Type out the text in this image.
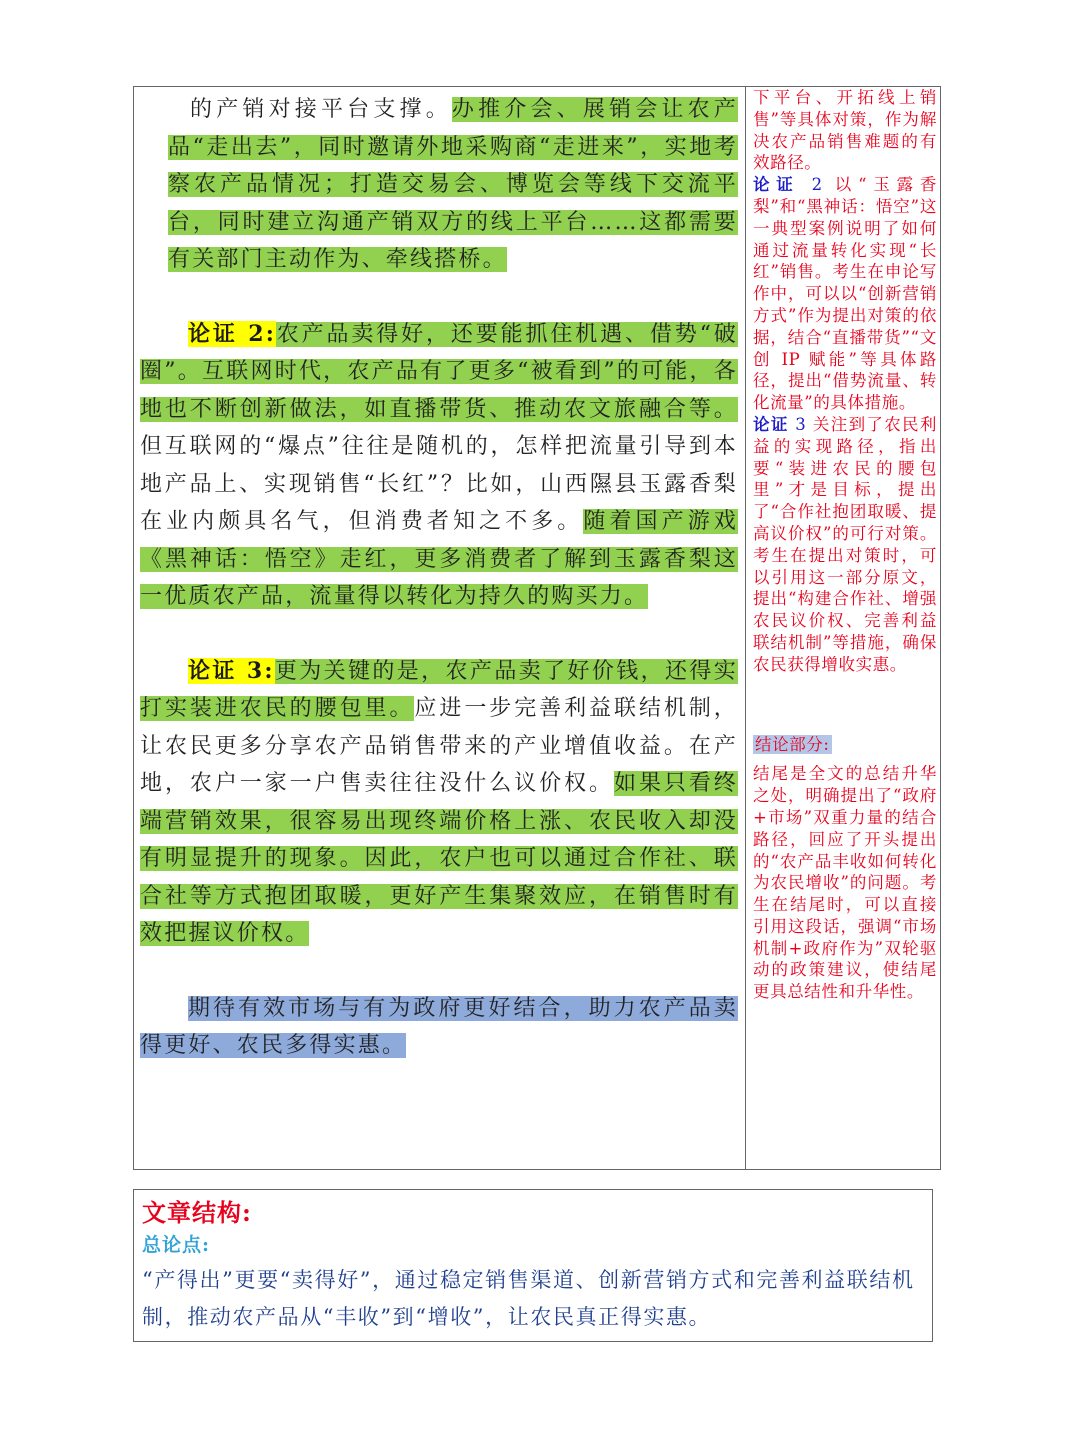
的产销对接平台支撑。办推介会、展销会让农产品“走出去”，同时邀请外地采购商“走进来”，实地考察农产品情况；打造交易会、博览会等线下交流平台，同时建立沟通产销双方的线上平台……这都需要有关部门主动作为、牵线搭桥。

论证 2:农产品卖得好，还要能抓住机遇、借势“破圈”。互联网时代，农产品有了更多“被看到”的可能，各地也不断创新做法，如直播带货、推动农文旅融合等。但互联网的“爆点”往往是随机的，怎样把流量引导到本地产品上、实现销售“长红”？比如，山西隰县玉露香梨在业内颇具名气，但消费者知之不多。随着国产游戏《黑神话：悟空》走红，更多消费者了解到玉露香梨这一优质农产品，流量得以转化为持久的购买力。

论证 3:更为关键的是，农产品卖了好价钱，还得实打实装进农民的腰包里。应进一步完善利益联结机制，让农民更多分享农产品销售带来的产业增值收益。在产地，农户一家一户售卖往往没什么议价权。如果只看终端营销效果，很容易出现终端价格上涨、农民收入却没有明显提升的现象。因此，农户也可以通过合作社、联合社等方式抱团取暖，更好产生集聚效应，在销售时有效把握议价权。

期待有效市场与有为政府更好结合，助力农产品卖得更好、农民多得实惠。

下平台、开拓线上销售”等具体对策，作为解决农产品销售难题的有效路径。

论证 2 以“玉露香梨”和“黑神话：悟空”这一典型案例说明了如何通过流量转化实现“长红”销售。考生在申论写作中，可以以“创新营销方式”作为提出对策的依据，结合“直播带货”“文创 IP 赋能”等具体路径，提出“借势流量、转化流量”的具体措施。

论证 3 关注到了农民利益的实现路径，指出要“装进农民的腰包里”才是目标，提出了“合作社抱团取暖、提高议价权”的可行对策。考生在提出对策时，可以引用这一部分原文，提出“构建合作社、增强农民议价权、完善利益联结机制”等措施，确保农民获得增收实惠。

结论部分:

结尾是全文的总结升华之处，明确提出了“政府+市场”双重力量的结合路径，回应了开头提出的“农产品丰收如何转化为农民增收”的问题。考生在结尾时，可以直接引用这段话，强调“市场机制+政府作为”双轮驱动的政策建议，使结尾更具总结性和升华性。

文章结构:
总论点:
“产得出”更要“卖得好”，通过稳定销售渠道、创新营销方式和完善利益联结机制，推动农产品从“丰收”到“增收”，让农民真正得实惠。
